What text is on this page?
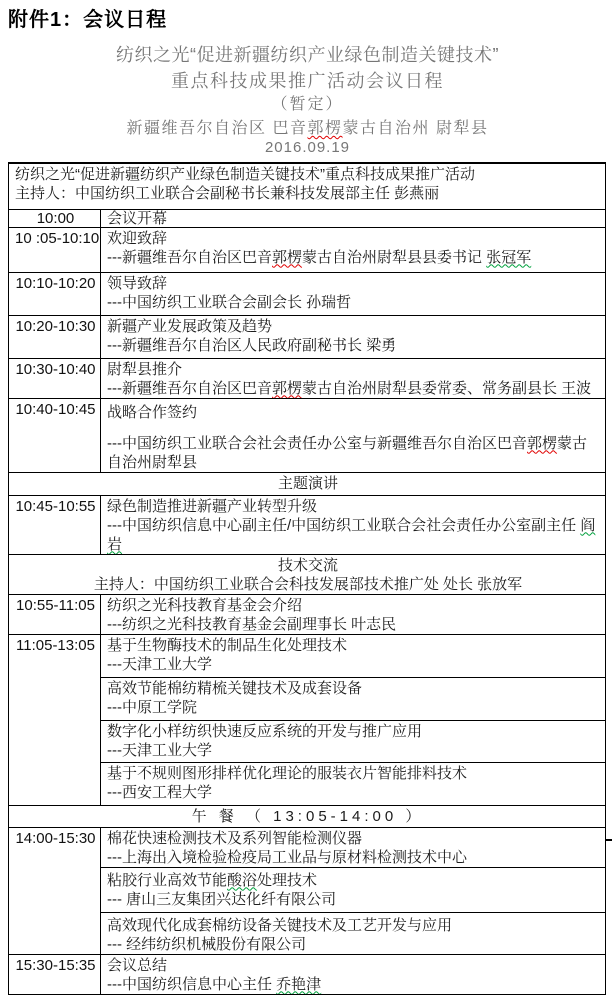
附件1：会议日程
纺织之光“促进新疆纺织产业绿色制造关键技术”
重点科技成果推广活动会议日程
（暂定）
新疆维吾尔自治区 巴音郭楞蒙古自治州 尉犁县
2016.09.19
纺织之光“促进新疆纺织产业绿色制造关键技术”重点科技成果推广活动
主持人：中国纺织工业联合会副秘书长兼科技发展部主任 彭燕丽	

10:00	会议开幕
10 :05-10:10	欢迎致辞
---新疆维吾尔自治区巴音郭楞蒙古自治州尉犁县县委书记 张冠军

10:10-10:20	领导致辞
---中国纺织工业联合会副会长 孙瑞哲

10:20-10:30	新疆产业发展政策及趋势
---新疆维吾尔自治区人民政府副秘书长 梁勇

10:30-10:40	尉犁县推介
---新疆维吾尔自治区巴音郭楞蒙古自治州尉犁县委常委、常务副县长 王波

10:40-10:45	战略合作签约
---中国纺织工业联合会社会责任办公室与新疆维吾尔自治区巴音郭楞蒙古自治州尉犁县

主题演讲	
10:45-10:55	绿色制造推进新疆产业转型升级
---中国纺织信息中心副主任/中国纺织工业联合会社会责任办公室副主任 阎岩

技术交流
主持人：中国纺织工业联合会科技发展部技术推广处 处长 张放军	

10:55-11:05	纺织之光科技教育基金会介绍
---纺织之光科技教育基金会副理事长 叶志民

11:05-13:05	基于生物酶技术的制品生化处理技术
---天津工业大学

	高效节能棉纺精梳关键技术及成套设备
---中原工学院

	数字化小样纺织快速反应系统的开发与推广应用
---天津工业大学

	基于不规则图形排样优化理论的服装衣片智能排料技术
---西安工程大学

午 餐 （ 13:05-14:00 ）	
14:00-15:30	棉花快速检测技术及系列智能检测仪器
---上海出入境检验检疫局工业品与原材料检测技术中心

	粘胶行业高效节能酸浴处理技术
--- 唐山三友集团兴达化纤有限公司

	高效现代化成套棉纺设备关键技术及工艺开发与应用
--- 经纬纺织机械股份有限公司

15:30-15:35	会议总结
---中国纺织信息中心主任 乔艳津
